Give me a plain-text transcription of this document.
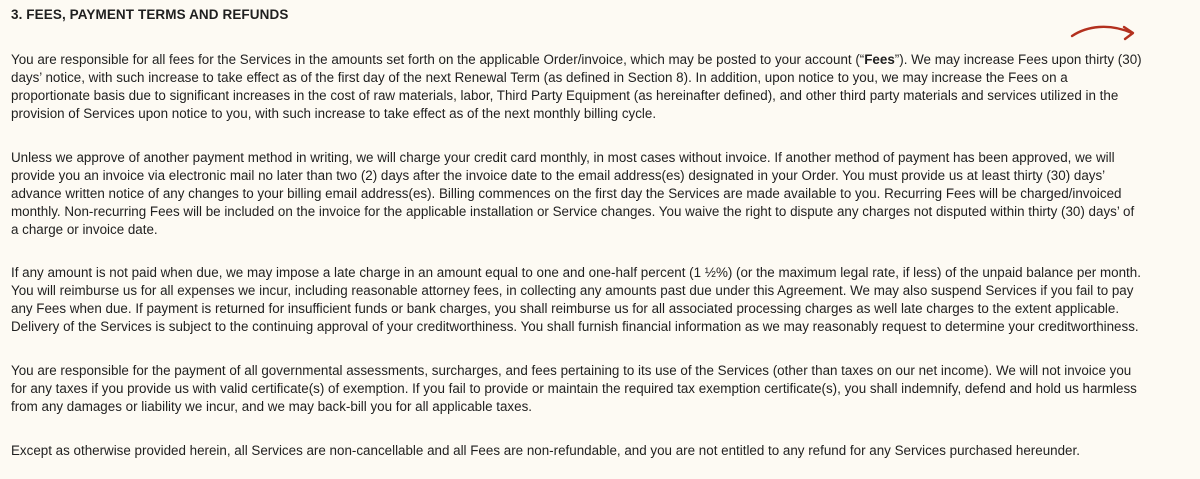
3. FEES, PAYMENT TERMS AND REFUNDS

You are responsible for all fees for the Services in the amounts set forth on the applicable Order/invoice, which may be posted to your account (“Fees”). We may increase Fees upon thirty (30)
days’ notice, with such increase to take effect as of the first day of the next Renewal Term (as defined in Section 8). In addition, upon notice to you, we may increase the Fees on a
proportionate basis due to significant increases in the cost of raw materials, labor, Third Party Equipment (as hereinafter defined), and other third party materials and services utilized in the
provision of Services upon notice to you, with such increase to take effect as of the next monthly billing cycle.

Unless we approve of another payment method in writing, we will charge your credit card monthly, in most cases without invoice. If another method of payment has been approved, we will
provide you an invoice via electronic mail no later than two (2) days after the invoice date to the email address(es) designated in your Order. You must provide us at least thirty (30) days’
advance written notice of any changes to your billing email address(es). Billing commences on the first day the Services are made available to you. Recurring Fees will be charged/invoiced
monthly. Non-recurring Fees will be included on the invoice for the applicable installation or Service changes. You waive the right to dispute any charges not disputed within thirty (30) days’ of
a charge or invoice date.

If any amount is not paid when due, we may impose a late charge in an amount equal to one and one-half percent (1 ½%) (or the maximum legal rate, if less) of the unpaid balance per month.
You will reimburse us for all expenses we incur, including reasonable attorney fees, in collecting any amounts past due under this Agreement. We may also suspend Services if you fail to pay
any Fees when due. If payment is returned for insufficient funds or bank charges, you shall reimburse us for all associated processing charges as well late charges to the extent applicable.
Delivery of the Services is subject to the continuing approval of your creditworthiness. You shall furnish financial information as we may reasonably request to determine your creditworthiness.

You are responsible for the payment of all governmental assessments, surcharges, and fees pertaining to its use of the Services (other than taxes on our net income). We will not invoice you
for any taxes if you provide us with valid certificate(s) of exemption. If you fail to provide or maintain the required tax exemption certificate(s), you shall indemnify, defend and hold us harmless
from any damages or liability we incur, and we may back-bill you for all applicable taxes.

Except as otherwise provided herein, all Services are non-cancellable and all Fees are non-refundable, and you are not entitled to any refund for any Services purchased hereunder.
